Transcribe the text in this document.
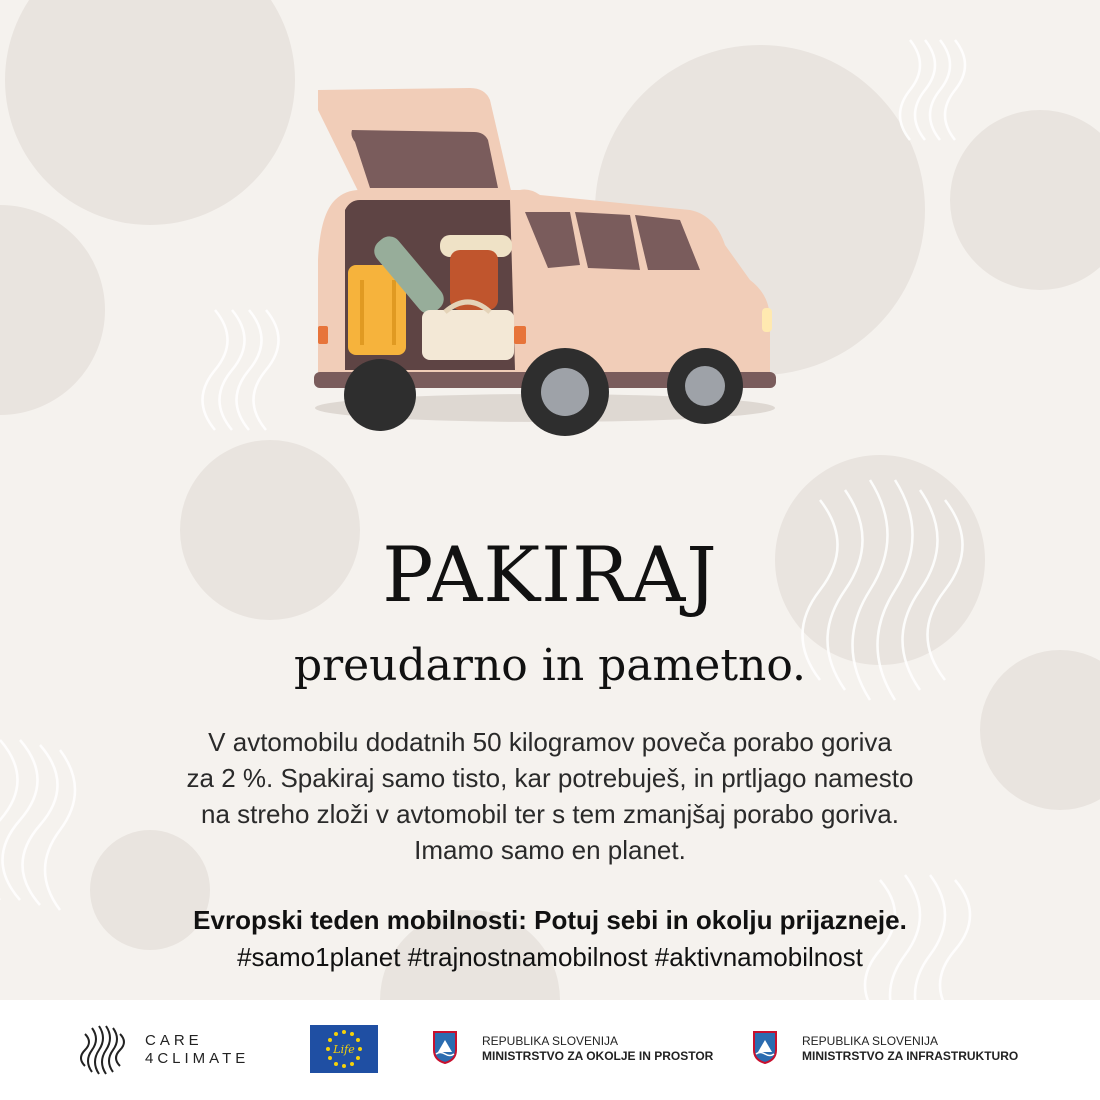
PAKIRAJ
preudarno in pametno.
V avtomobilu dodatnih 50 kilogramov poveča porabo goriva
za 2 %. Spakiraj samo tisto, kar potrebuješ, in prtljago namesto
na streho zloži v avtomobil ter s tem zmanjšaj porabo goriva.
Imamo samo en planet.
Evropski teden mobilnosti: Potuj sebi in okolju prijazneje.
#samo1planet #trajnostnamobilnost #aktivnamobilnost
CARE
4CLIMATE
Life
REPUBLIKA SLOVENIJA
MINISTRSTVO ZA OKOLJE IN PROSTOR
REPUBLIKA SLOVENIJA
MINISTRSTVO ZA INFRASTRUKTURO
